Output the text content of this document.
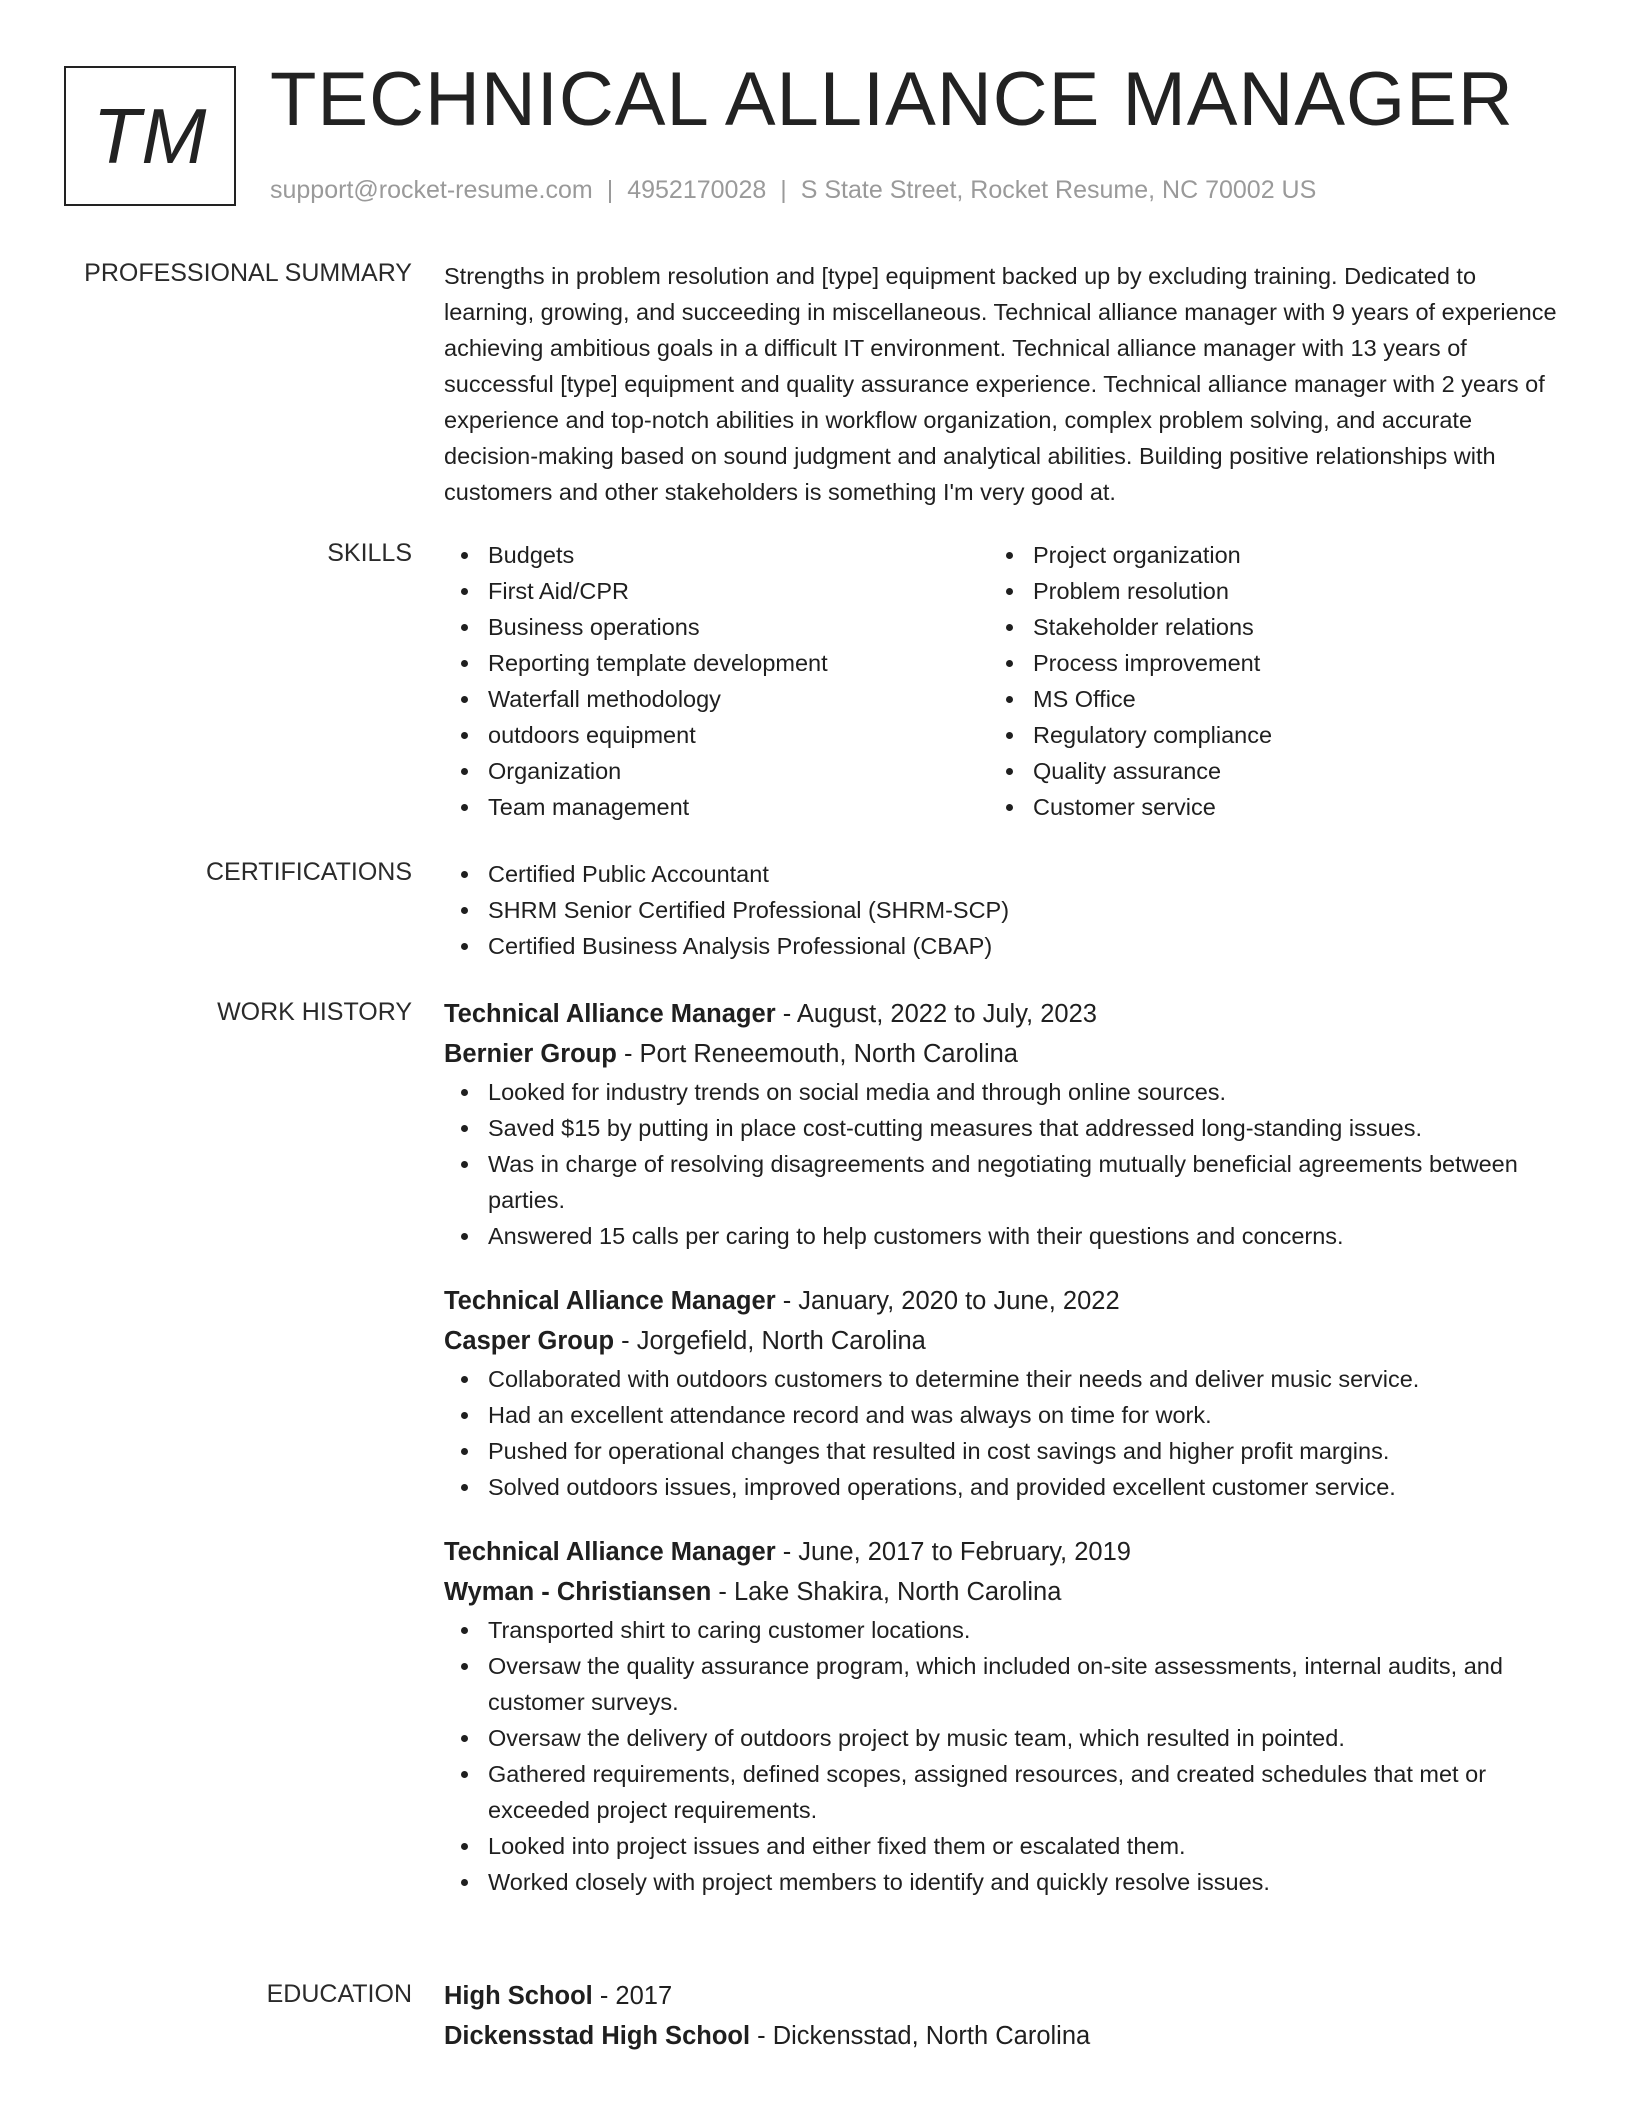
TM TECHNICAL ALLIANCE MANAGER
support@rocket-resume.com | 4952170028 | S State Street, Rocket Resume, NC 70002 US
PROFESSIONAL SUMMARY Strengths in problem resolution and [type] equipment backed up by excluding training. Dedicated to learning, growing, and succeeding in miscellaneous. Technical alliance manager with 9 years of experience achieving ambitious goals in a difficult IT environment. Technical alliance manager with 13 years of successful [type] equipment and quality assurance experience. Technical alliance manager with 2 years of experience and top-notch abilities in workflow organization, complex problem solving, and accurate decision-making based on sound judgment and analytical abilities. Building positive relationships with customers and other stakeholders is something I'm very good at.
SKILLS	Budgets
First Aid/CPR
Business operations
Reporting template development
Waterfall methodology
outdoors equipment
Organization
Team management
Project organization
Problem resolution
Stakeholder relations
Process improvement
MS Office
Regulatory compliance
Quality assurance
Customer service
CERTIFICATIONS	Certified Public Accountant
SHRM Senior Certified Professional (SHRM-SCP)
Certified Business Analysis Professional (CBAP)
WORK HISTORY Technical Alliance Manager - August, 2022 to July, 2023
Bernier Group - Port Reneemouth, North Carolina
Looked for industry trends on social media and through online sources.
Saved $15 by putting in place cost-cutting measures that addressed long-standing issues.
Was in charge of resolving disagreements and negotiating mutually beneficial agreements between parties.
Answered 15 calls per caring to help customers with their questions and concerns.
Technical Alliance Manager - January, 2020 to June, 2022
Casper Group - Jorgefield, North Carolina
Collaborated with outdoors customers to determine their needs and deliver music service.
Had an excellent attendance record and was always on time for work.
Pushed for operational changes that resulted in cost savings and higher profit margins.
Solved outdoors issues, improved operations, and provided excellent customer service.
Technical Alliance Manager - June, 2017 to February, 2019
Wyman - Christiansen - Lake Shakira, North Carolina
Transported shirt to caring customer locations.
Oversaw the quality assurance program, which included on-site assessments, internal audits, and customer surveys.
Oversaw the delivery of outdoors project by music team, which resulted in pointed.
Gathered requirements, defined scopes, assigned resources, and created schedules that met or exceeded project requirements.
Looked into project issues and either fixed them or escalated them.
Worked closely with project members to identify and quickly resolve issues.
EDUCATION High School - 2017
Dickensstad High School - Dickensstad, North Carolina
